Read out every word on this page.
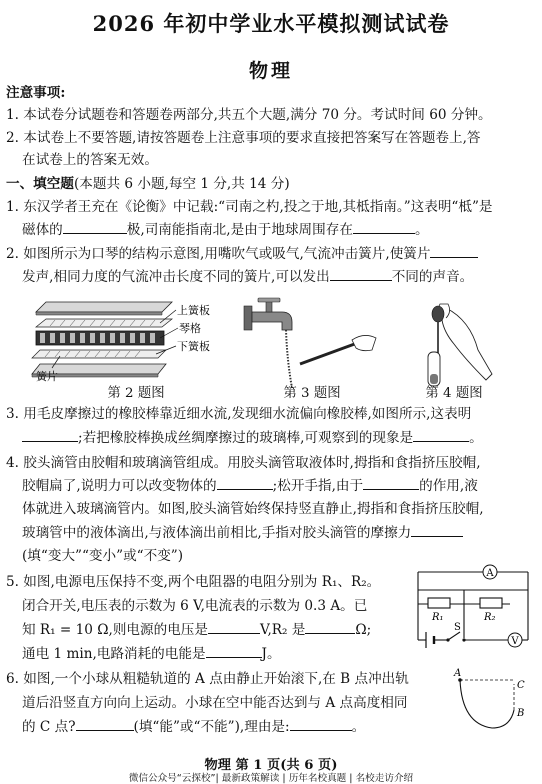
2026 年初中学业水平模拟测试试卷
物理
注意事项:
1. 本试卷分试题卷和答题卷两部分,共五个大题,满分 70 分。考试时间 60 分钟。
2. 本试卷上不要答题,请按答题卷上注意事项的要求直接把答案写在答题卷上,答
在试卷上的答案无效。
一、填空题(本题共 6 小题,每空 1 分,共 14 分)
1. 东汉学者王充在《论衡》中记载:“司南之杓,投之于地,其柢指南。”这表明“柢”是
磁体的	极,司南能指南北,是由于地球周围存在	。
2. 如图所示为口琴的结构示意图,用嘴吹气或吸气,气流冲击簧片,使簧片
发声,相同力度的气流冲击长度不同的簧片,可以发出	不同的声音。
上簧板
琴格
下簧板
簧片
第 2 题图	第 3 题图	第 4 题图
3. 用毛皮摩擦过的橡胶棒靠近细水流,发现细水流偏向橡胶棒,如图所示,这表明
;若把橡胶棒换成丝绸摩擦过的玻璃棒,可观察到的现象是	。
4. 胶头滴管由胶帽和玻璃滴管组成。用胶头滴管取液体时,拇指和食指挤压胶帽,
胶帽扁了,说明力可以改变物体的	;松开手指,由于	的作用,液
体就进入玻璃滴管内。如图,胶头滴管始终保持竖直静止,拇指和食指挤压胶帽,
玻璃管中的液体滴出,与液体滴出前相比,手指对胶头滴管的摩擦力
(填“变大”“变小”或“不变”)
5. 如图,电源电压保持不变,两个电阻器的电阻分别为 R₁、R₂。
闭合开关,电压表的示数为 6 V,电流表的示数为 0.3 A。已
知 R₁ = 10 Ω,则电源的电压是	V,R₂ 是	Ω;
通电 1 min,电路消耗的电能是	J。
A
V
R₁	R₂
S
6. 如图,一个小球从粗糙轨道的 A 点由静止开始滚下,在 B 点冲出轨
道后沿竖直方向向上运动。小球在空中能否达到与 A 点高度相同
的 C 点?	(填“能”或“不能”),理由是:	。
A
C
B
物理 第 1 页(共 6 页)
微信公众号“云探校”| 最新政策解读 | 历年名校真题 | 名校走访介绍
